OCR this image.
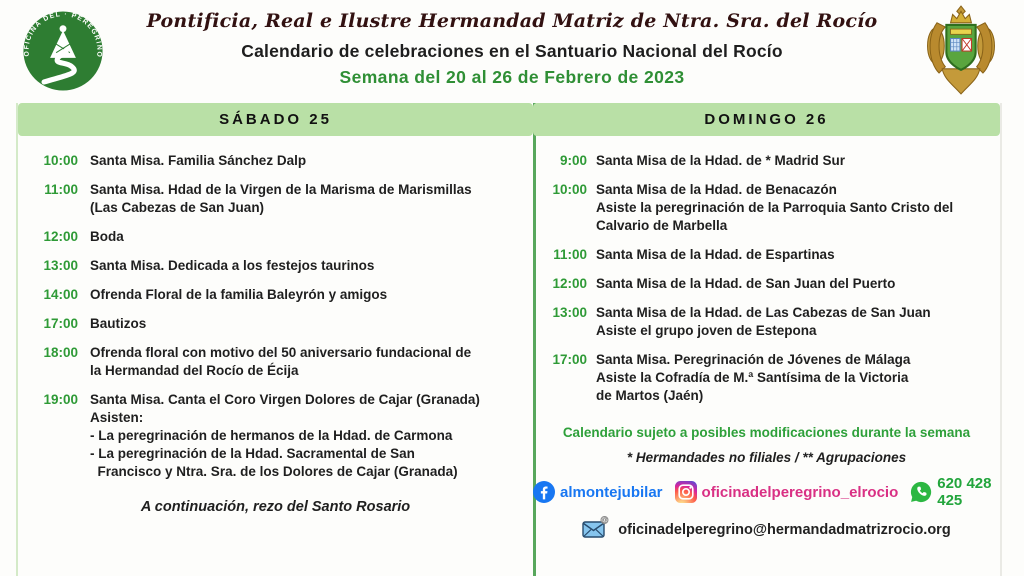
OFICINA DEL · PEREGRINO
Pontificia, Real e Ilustre Hermandad Matriz de Ntra. Sra. del Rocío
Calendario de celebraciones en el Santuario Nacional del Rocío
Semana del 20 al 26 de Febrero de 2023
SÁBADO 25
10:00 Santa Misa. Familia Sánchez Dalp
11:00 Santa Misa. Hdad de la Virgen de la Marisma de Marismillas
(Las Cabezas de San Juan)
12:00 Boda
13:00 Santa Misa. Dedicada a los festejos taurinos
14:00 Ofrenda Floral de la familia Baleyrón y amigos
17:00 Bautizos
18:00 Ofrenda floral con motivo del 50 aniversario fundacional de
la Hermandad del Rocío de Écija
19:00 Santa Misa. Canta el Coro Virgen Dolores de Cajar (Granada)
Asisten:
- La peregrinación de hermanos de la Hdad. de Carmona
- La peregrinación de la Hdad. Sacramental de San
Francisco y Ntra. Sra. de los Dolores de Cajar (Granada)
A continuación, rezo del Santo Rosario
DOMINGO 26
9:00 Santa Misa de la Hdad. de * Madrid Sur
10:00 Santa Misa de la Hdad. de Benacazón
Asiste la peregrinación de la Parroquia Santo Cristo del
Calvario de Marbella
11:00 Santa Misa de la Hdad. de Espartinas
12:00 Santa Misa de la Hdad. de San Juan del Puerto
13:00 Santa Misa de la Hdad. de Las Cabezas de San Juan
Asiste el grupo joven de Estepona
17:00 Santa Misa. Peregrinación de Jóvenes de Málaga
Asiste la Cofradía de M.ª Santísima de la Victoria
de Martos (Jaén)
Calendario sujeto a posibles modificaciones durante la semana
* Hermandades no filiales / ** Agrupaciones
almontejubilar	oficinadelperegrino_elrocio	620 428 425
@
oficinadelperegrino@hermandadmatrizrocio.org
